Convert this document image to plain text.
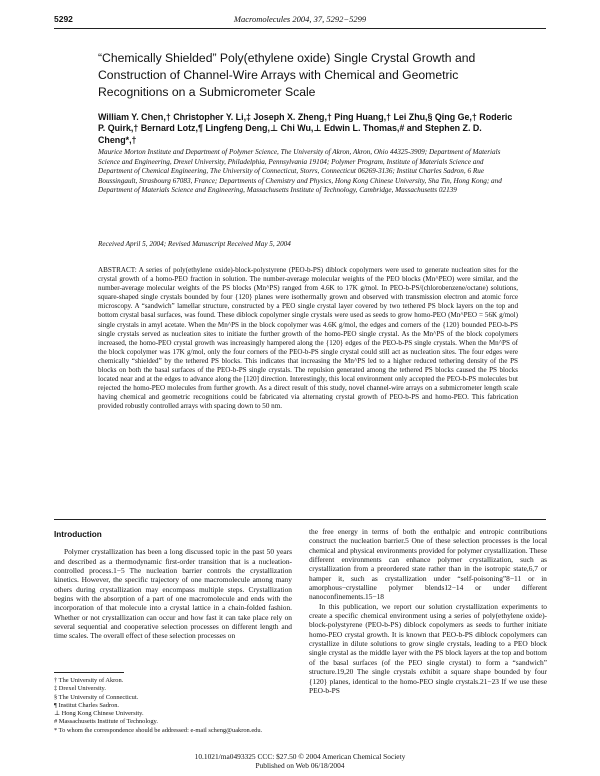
5292	Macromolecules 2004, 37, 5292−5299
“Chemically Shielded” Poly(ethylene oxide) Single Crystal Growth and Construction of Channel-Wire Arrays with Chemical and Geometric Recognitions on a Submicrometer Scale
William Y. Chen,† Christopher Y. Li,‡ Joseph X. Zheng,† Ping Huang,† Lei Zhu,§ Qing Ge,† Roderic P. Quirk,† Bernard Lotz,¶ Lingfeng Deng,⊥ Chi Wu,⊥ Edwin L. Thomas,# and Stephen Z. D. Cheng*,†
Maurice Morton Institute and Department of Polymer Science, The University of Akron, Akron, Ohio 44325-3909; Department of Materials Science and Engineering, Drexel University, Philadelphia, Pennsylvania 19104; Polymer Program, Institute of Materials Science and Department of Chemical Engineering, The University of Connecticut, Storrs, Connecticut 06269-3136; Institut Charles Sadron, 6 Rue Boussingault, Strasbourg 67083, France; Departments of Chemistry and Physics, Hong Kong Chinese University, Sha Tin, Hong Kong; and Department of Materials Science and Engineering, Massachusetts Institute of Technology, Cambridge, Massachusetts 02139
Received April 5, 2004; Revised Manuscript Received May 5, 2004
ABSTRACT: A series of poly(ethylene oxide)-block-polystyrene (PEO-b-PS) diblock copolymers were used to generate nucleation sites for the crystal growth of a homo-PEO fraction in solution. The number-average molecular weights of the PEO blocks (Mn^PEO) were similar, and the number-average molecular weights of the PS blocks (Mn^PS) ranged from 4.6K to 17K g/mol. In PEO-b-PS/(chlorobenzene/octane) solutions, square-shaped single crystals bounded by four {120} planes were isothermally grown and observed with transmission electron and atomic force microscopy. A “sandwich” lamellar structure, constructed by a PEO single crystal layer covered by two tethered PS block layers on the top and bottom crystal basal surfaces, was found. These diblock copolymer single crystals were used as seeds to grow homo-PEO (Mn^PEO = 56K g/mol) single crystals in amyl acetate. When the Mn^PS in the block copolymer was 4.6K g/mol, the edges and corners of the {120} bounded PEO-b-PS single crystals served as nucleation sites to initiate the further growth of the homo-PEO single crystal. As the Mn^PS of the block copolymers increased, the homo-PEO crystal growth was increasingly hampered along the {120} edges of the PEO-b-PS single crystals. When the Mn^PS of the block copolymer was 17K g/mol, only the four corners of the PEO-b-PS single crystal could still act as nucleation sites. The four edges were chemically “shielded” by the tethered PS blocks. This indicates that increasing the Mn^PS led to a higher reduced tethering density of the PS blocks on both the basal surfaces of the PEO-b-PS single crystals. The repulsion generated among the tethered PS blocks caused the PS blocks located near and at the edges to advance along the [120] direction. Interestingly, this local environment only accepted the PEO-b-PS molecules but rejected the homo-PEO molecules from further growth. As a direct result of this study, novel channel-wire arrays on a submicrometer length scale having chemical and geometric recognitions could be fabricated via alternating crystal growth of PEO-b-PS and homo-PEO. This fabrication provided robustly controlled arrays with spacing down to 50 nm.
Introduction

Polymer crystallization has been a long discussed topic in the past 50 years and described as a thermodynamic first-order transition that is a nucleation-controlled process.1−5 The nucleation barrier controls the crystallization kinetics. However, the specific trajectory of one macromolecule among many others during crystallization may encompass multiple steps. Crystallization begins with the absorption of a part of one macromolecule and ends with the incorporation of that molecule into a crystal lattice in a chain-folded fashion. Whether or not crystallization can occur and how fast it can take place rely on several sequential and cooperative selection processes on different length and time scales. The overall effect of these selection processes on

the free energy in terms of both the enthalpic and entropic contributions construct the nucleation barrier.5 One of these selection processes is the local chemical and physical environments provided for polymer crystallization. These different environments can enhance polymer crystallization, such as crystallization from a preordered state rather than in the isotropic state,6,7 or hamper it, such as crystallization under “self-poisoning”8−11 or in amorphous−crystalline polymer blends12−14 or under different nanoconfinements.15−18

In this publication, we report our solution crystallization experiments to create a specific chemical environment using a series of poly(ethylene oxide)-block-polystyrene (PEO-b-PS) diblock copolymers as seeds to further initiate homo-PEO crystal growth. It is known that PEO-b-PS diblock copolymers can crystallize in dilute solutions to grow single crystals, leading to a PEO block single crystal as the middle layer with the PS block layers at the top and bottom of the basal surfaces (of the PEO single crystal) to form a “sandwich” structure.19,20 The single crystals exhibit a square shape bounded by four {120} planes, identical to the homo-PEO single crystals.21−23 If we use these PEO-b-PS

† The University of Akron.
‡ Drexel University.
§ The University of Connecticut.
¶ Institut Charles Sadron.
⊥ Hong Kong Chinese University.
# Massachusetts Institute of Technology.
* To whom the correspondence should be addressed: e-mail scheng@uakron.edu.
10.1021/ma0493325 CCC: $27.50 © 2004 American Chemical Society
Published on Web 06/18/2004
